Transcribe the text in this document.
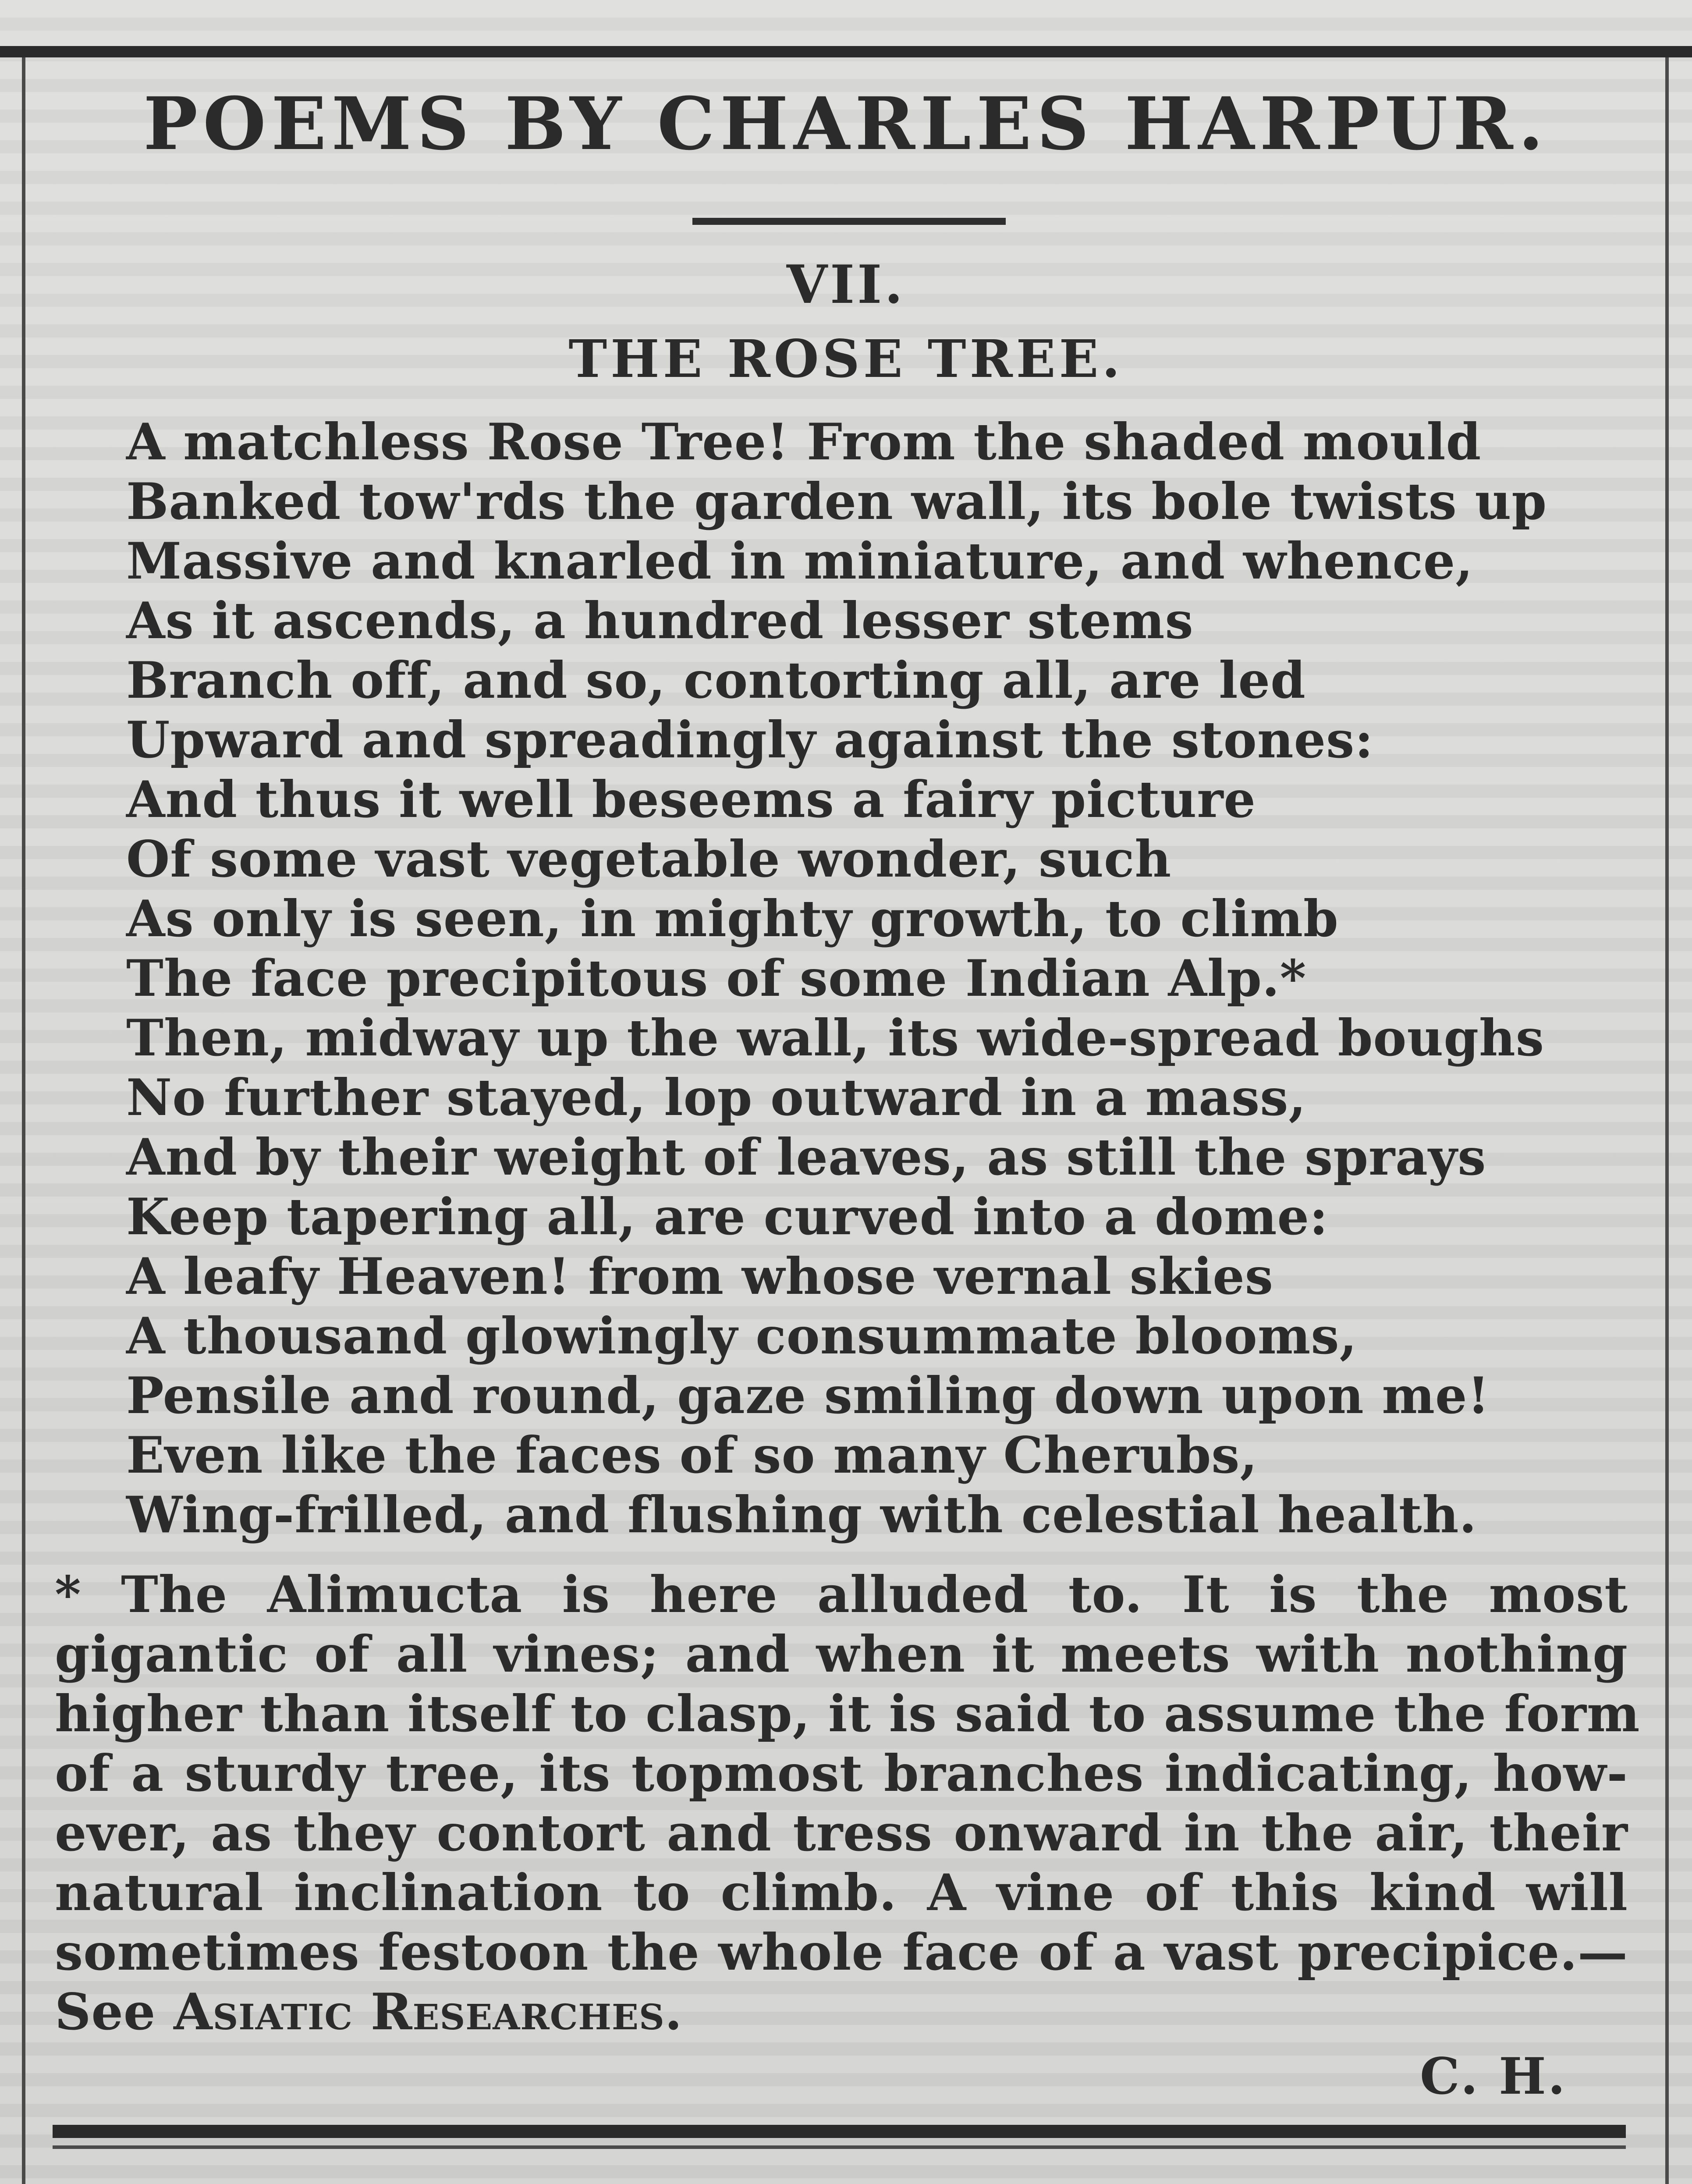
POEMS BY CHARLES HARPUR.
VII.
THE ROSE TREE.
A matchless Rose Tree! From the shaded mould
Banked tow'rds the garden wall, its bole twists up
Massive and knarled in miniature, and whence,
As it ascends, a hundred lesser stems
Branch off, and so, contorting all, are led
Upward and spreadingly against the stones:
And thus it well beseems a fairy picture
Of some vast vegetable wonder, such
As only is seen, in mighty growth, to climb
The face precipitous of some Indian Alp.*
Then, midway up the wall, its wide-spread boughs
No further stayed, lop outward in a mass,
And by their weight of leaves, as still the sprays
Keep tapering all, are curved into a dome:
A leafy Heaven! from whose vernal skies
A thousand glowingly consummate blooms,
Pensile and round, gaze smiling down upon me!
Even like the faces of so many Cherubs,
Wing-frilled, and flushing with celestial health.
* The Alimucta is here alluded to. It is the most
gigantic of all vines; and when it meets with nothing
higher than itself to clasp, it is said to assume the form
of a sturdy tree, its topmost branches indicating, how-
ever, as they contort and tress onward in the air, their
natural inclination to climb. A vine of this kind will
sometimes festoon the whole face of a vast precipice.—
See Asiatic Researches.
C. H.
